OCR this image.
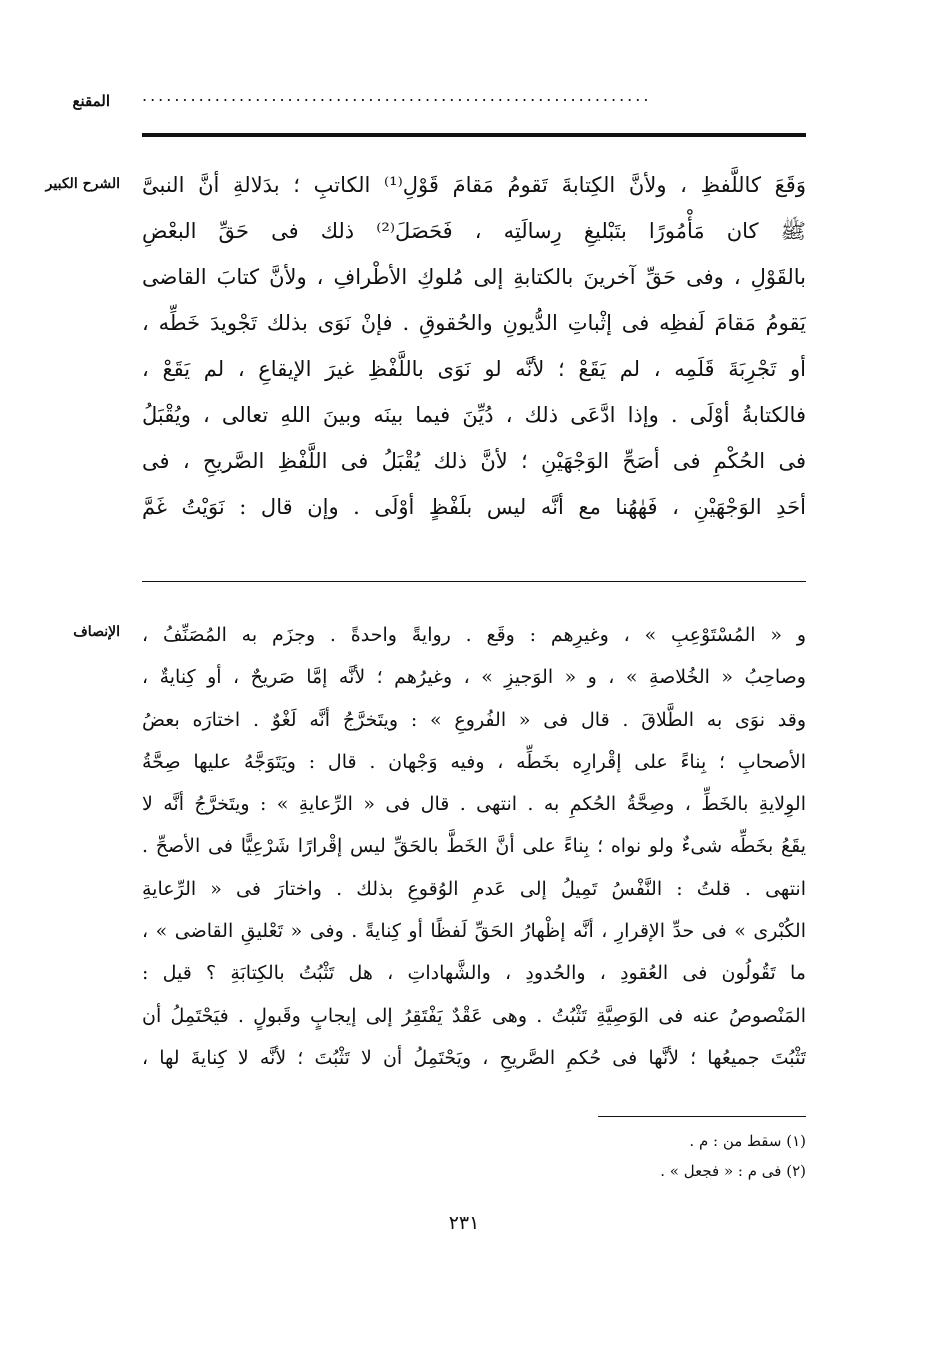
المقنع ...............................................................
الشرح الكبير وَقَعَ كاللَّفظِ ، ولأنَّ الكِتابةَ تَقومُ مَقامَ قَوْلِ⁽¹⁾ الكاتبِ ؛ بدَلالةِ أنَّ النبىَّ
ﷺ كان مَأْمُورًا بتَبْليغِ رِسالَتِه ، فَحَصَلَ⁽²⁾ ذلك فى حَقِّ البعْضِ
بالقَوْلِ ، وفى حَقِّ آخرينَ بالكتابةِ إلى مُلوكِ الأطْرافِ ، ولأنَّ كتابَ القاضى
يَقومُ مَقامَ لَفظِه فى إثْباتِ الدُّيونِ والحُقوقِ . فإنْ نَوَى بذلك تَجْويدَ خَطِّه ،
أو تَجْرِبَةَ قَلَمِه ، لم يَقَعْ ؛ لأنَّه لو نَوَى باللَّفْظِ غيرَ الإيقاعِ ، لم يَقَعْ ،
فالكتابةُ أوْلَى . وإذا ادَّعَى ذلك ، دُيِّنَ فيما بينَه وبينَ اللهِ تعالى ، ويُقْبَلُ
فى الحُكْمِ فى أصَحِّ الوَجْهَيْنِ ؛ لأنَّ ذلك يُقْبَلُ فى اللَّفْظِ الصَّريحِ ، فى
أحَدِ الوَجْهَيْنِ ، فَهٰهُنا مع أنَّه ليس بلَفْظٍ أوْلَى . وإن قال : نَوَيْتُ غَمَّ
الإنصاف و « المُسْتَوْعِبِ » ، وغيرِهم : وقَع . روايةً واحدةً . وجزَم به المُصَنِّفُ ،
وصاحِبُ « الخُلاصةِ » ، و « الوَجيزِ » ، وغيرُهم ؛ لأنَّه إمَّا صَريحٌ ، أو كِنايةٌ ،
وقد نوَى به الطَّلاقَ . قال فى « الفُروعِ » : ويتَخرَّجُ أنَّه لَغْوٌ . اختارَه بعضُ
الأصحابِ ؛ بِناءً على إقْرارِه بخَطِّه ، وفيه وَجْهان . قال : ويَتَوَجَّهُ عليها صِحَّةُ
الوِلايةِ بالخَطِّ ، وصِحَّةُ الحُكمِ به . انتهى . قال فى « الرِّعايةِ » : ويتَخرَّجُ أنَّه لا
يقَعُ بخَطِّه شىءٌ ولو نواه ؛ بِناءً على أنَّ الخَطَّ بالحَقِّ ليس إقْرارًا شَرْعِيًّا فى الأصحِّ .
انتهى . قلتُ : النَّفْسُ تَمِيلُ إلى عَدمِ الوُقوعِ بذلك . واختارَ فى « الرِّعايةِ
الكُبْرى » فى حدِّ الإقرارِ ، أنَّه إظْهارُ الحَقِّ لَفظًا أو كِنايةً . وفى « تَعْليقِ القاضى » ،
ما تَقُولُون فى العُقودِ ، والحُدودِ ، والشَّهاداتِ ، هل تَثْبُتُ بالكِتابَةِ ؟ قيل :
المَنْصوصُ عنه فى الوَصِيَّةِ تَثْبُتُ . وهى عَقْدٌ يَفْتَقِرُ إلى إيجابٍ وقَبولٍ . فيَحْتَمِلُ أن
تَثْبُتَ جميعُها ؛ لأنَّها فى حُكمِ الصَّريحِ ، ويَحْتَمِلُ أن لا تَثْبُتَ ؛ لأنَّه لا كِنايةَ لها ،
(١) سقط من : م .
(٢) فى م : « فجعل » .
٢٣١
